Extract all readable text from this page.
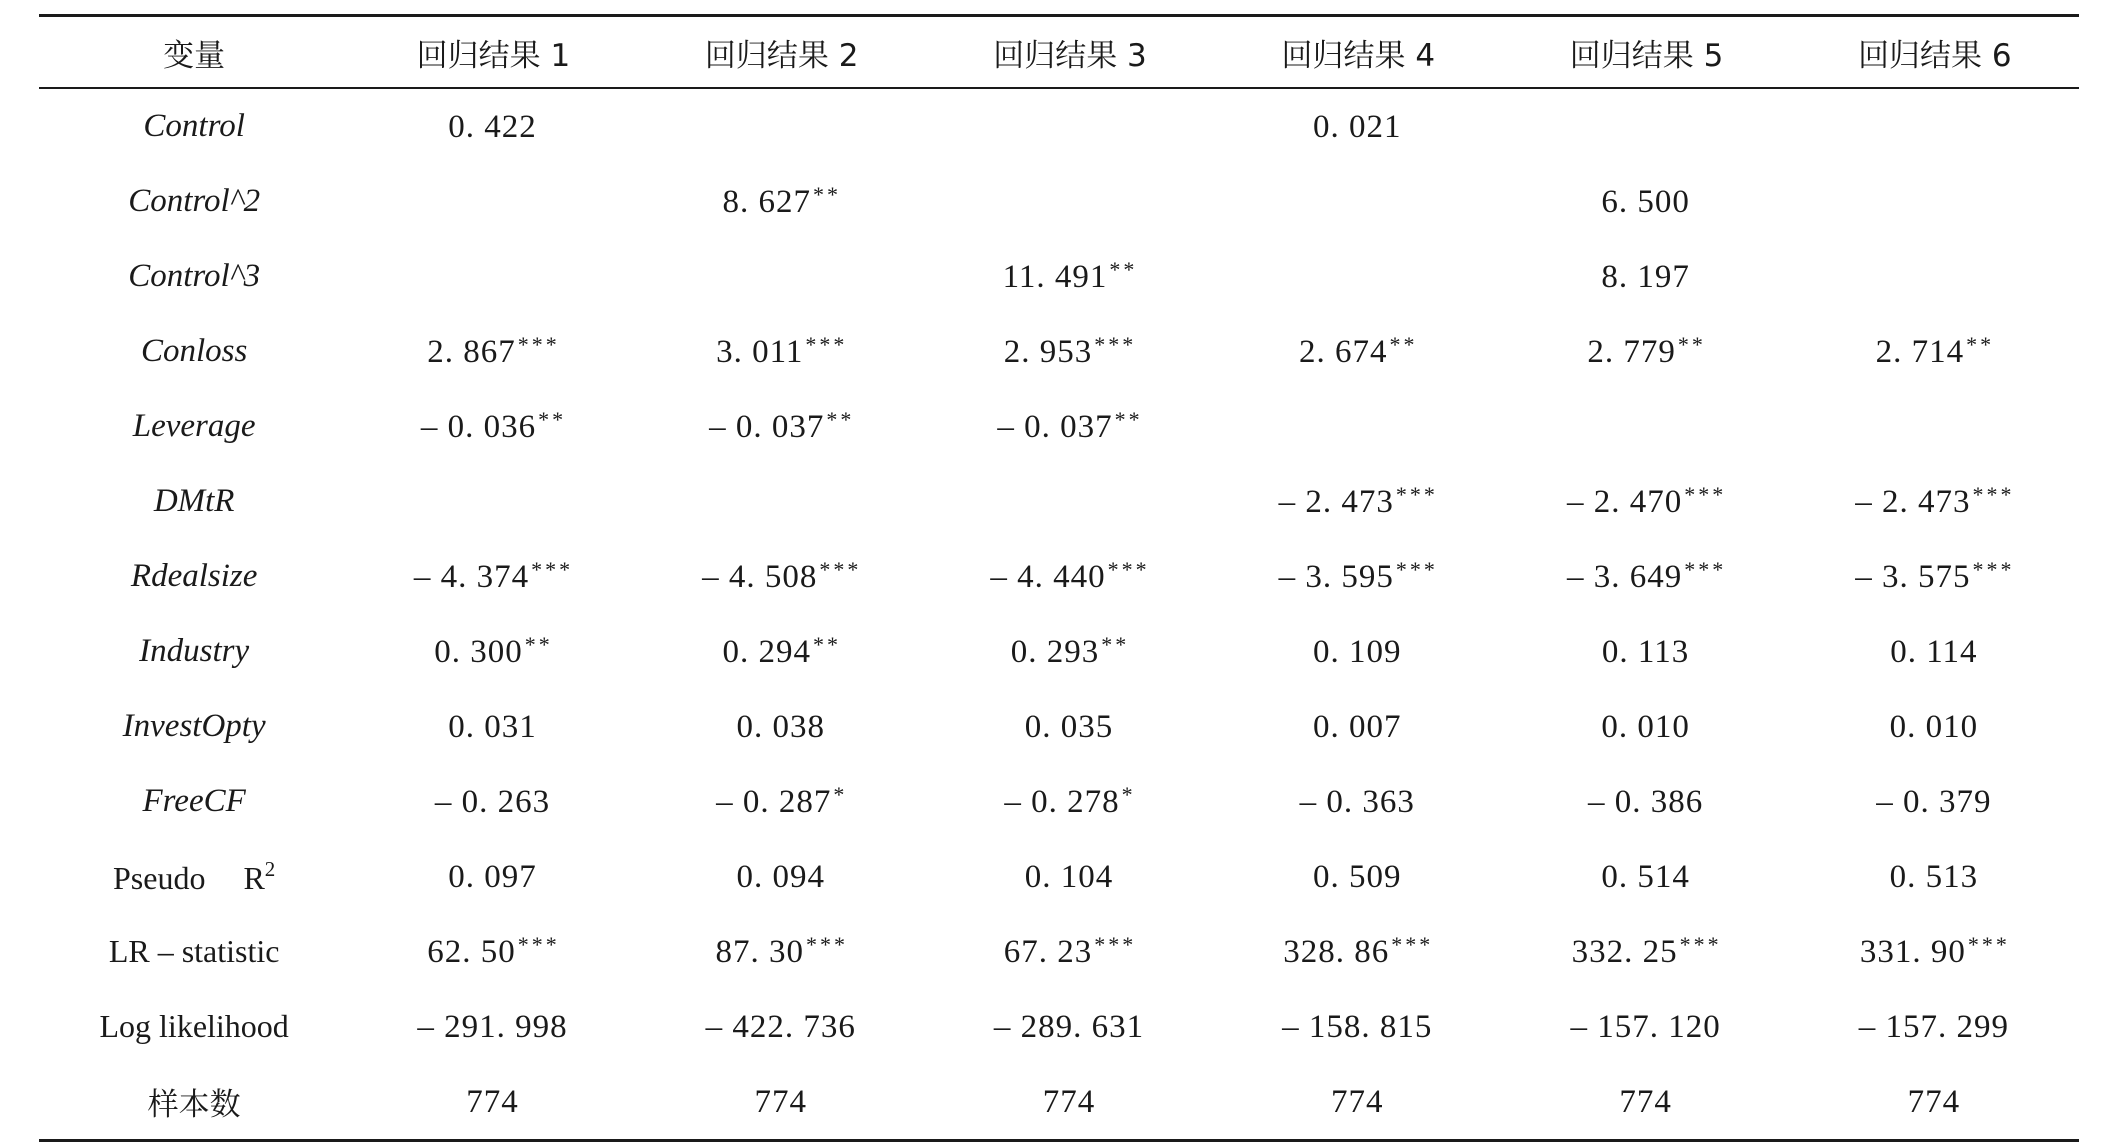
变量	回归结果 1	回归结果 2	回归结果 3	回归结果 4	回归结果 5	回归结果 6
Control	0. 422			0. 021		
Control^2		8. 627**			6. 500	
Control^3			11. 491**		8. 197	
Conloss	2. 867***	3. 011***	2. 953***	2. 674**	2. 779**	2. 714**
Leverage	– 0. 036**	– 0. 037**	– 0. 037**			
DMtR				– 2. 473***	– 2. 470***	– 2. 473***
Rdealsize	– 4. 374***	– 4. 508***	– 4. 440***	– 3. 595***	– 3. 649***	– 3. 575***
Industry	0. 300**	0. 294**	0. 293**	0. 109	0. 113	0. 114
InvestOpty	0. 031	0. 038	0. 035	0. 007	0. 010	0. 010
FreeCF	– 0. 263	– 0. 287*	– 0. 278*	– 0. 363	– 0. 386	– 0. 379
Pseudo $R^2$	0. 097	0. 094	0. 104	0. 509	0. 514	0. 513
LR – statistic	62. 50***	87. 30***	67. 23***	328. 86***	332. 25***	331. 90***
Log likelihood	– 291. 998	– 422. 736	– 289. 631	– 158. 815	– 157. 120	– 157. 299
样本数	774	774	774	774	774	774
